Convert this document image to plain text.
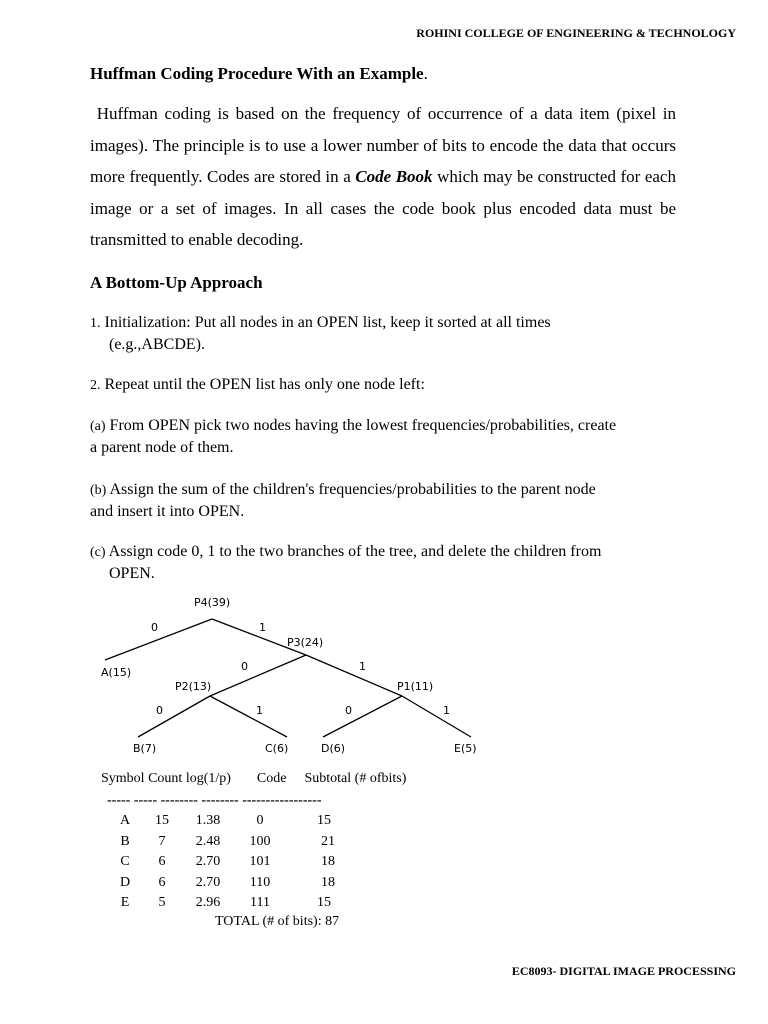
ROHINI COLLEGE OF ENGINEERING & TECHNOLOGY

Huffman Coding Procedure With an Example.

Huffman coding is based on the frequency of occurrence of a data item (pixel in images). The principle is to use a lower number of bits to encode the data that occurs more frequently. Codes are stored in a Code Book which may be constructed for each image or a set of images. In all cases the code book plus encoded data must be transmitted to enable decoding.

A Bottom-Up Approach
1. Initialization: Put all nodes in an OPEN list, keep it sorted at all times
(e.g.,ABCDE).
2. Repeat until the OPEN list has only one node left:
(a) From OPEN pick two nodes having the lowest frequencies/probabilities, create
a parent node of them.
(b) Assign the sum of the children's frequencies/probabilities to the parent node
and insert it into OPEN.
(c) Assign code 0, 1 to the two branches of the tree, and delete the children from
OPEN.
P4(39)
P3(24)
P2(13)	P1(11)
A(15)
B(7)	C(6)	D(6)	E(5)
0	1
0	1
0	1	0	1

Symbol Count log(1/p) Code Subtotal (# ofbits)

----- ----- -------- -------- -----------------

A	15	1.38	0	15
B	7	2.48	100	21
C	6	2.70	101	18
D	6	2.70	110	18
E	5	2.96	111	15

TOTAL (# of bits): 87

EC8093- DIGITAL IMAGE PROCESSING
